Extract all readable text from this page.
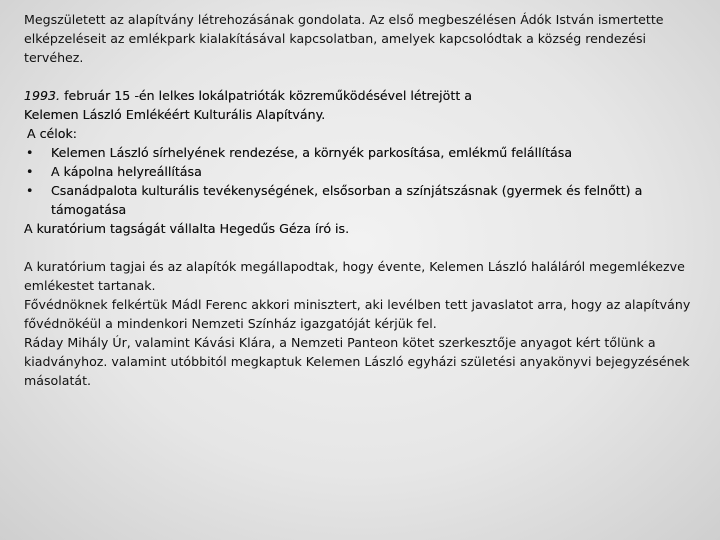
Megszületett az alapítvány létrehozásának gondolata. Az első megbeszélésen Ádók István ismertette elképzeléseit az emlékpark kialakításával kapcsolatban, amelyek kapcsolódtak a község rendezési tervéhez.

1993. február 15 -én lelkes lokálpatrióták közreműködésével létrejött a

Kelemen László Emlékéért Kulturális Alapítvány.

A célok:

• Kelemen László sírhelyének rendezése, a környék parkosítása, emlékmű felállítása
• A kápolna helyreállítása
• Csanádpalota kulturális tevékenységének, elsősorban a színjátszásnak (gyermek és felnőtt) a támogatása

A kuratórium tagságát vállalta Hegedűs Géza író is.

A kuratórium tagjai és az alapítók megállapodtak, hogy évente, Kelemen László haláláról megemlékezve emlékestet tartanak.

Fővédnöknek felkértük Mádl Ferenc akkori minisztert, aki levélben tett javaslatot arra, hogy az alapítvány fővédnökéül a mindenkori Nemzeti Színház igazgatóját kérjük fel.

Ráday Mihály Úr, valamint Kávási Klára, a Nemzeti Panteon kötet szerkesztője anyagot kért tőlünk a kiadványhoz. valamint utóbbitól megkaptuk Kelemen László egyházi születési anyakönyvi bejegyzésének másolatát.
